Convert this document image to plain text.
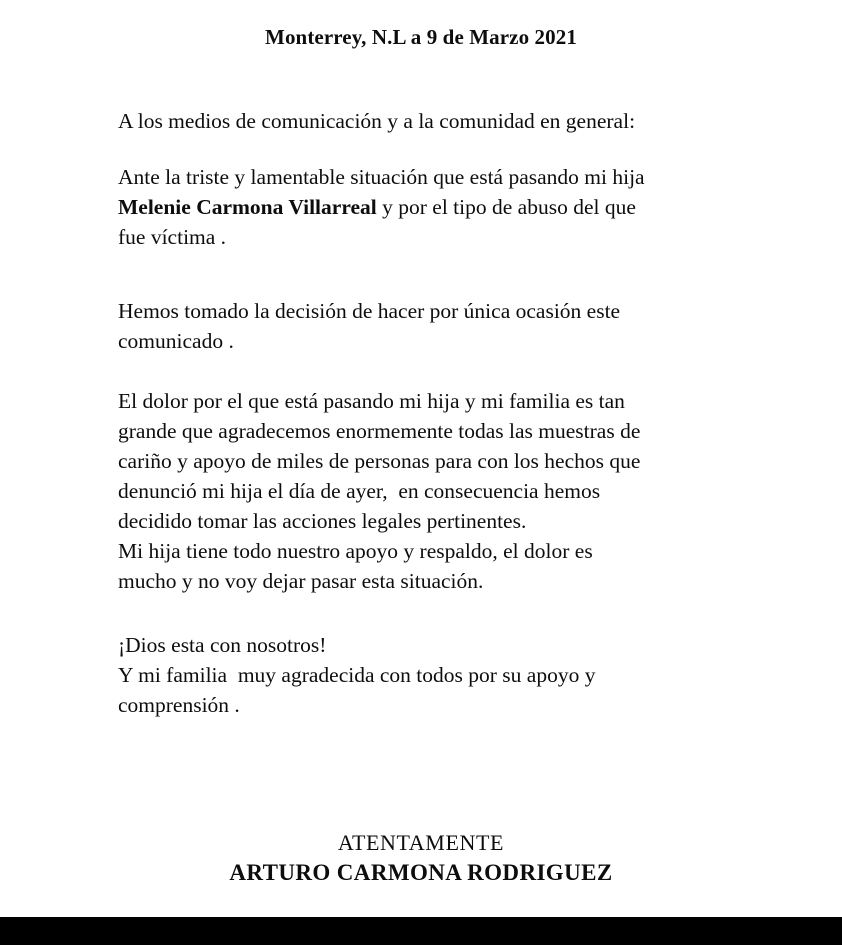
Monterrey, N.L a 9 de Marzo 2021
A los medios de comunicación y a la comunidad en general:
Ante la triste y lamentable situación que está pasando mi hija
Melenie Carmona Villarreal y por el tipo de abuso del que
fue víctima .
Hemos tomado la decisión de hacer por única ocasión este
comunicado .
El dolor por el que está pasando mi hija y mi familia es tan
grande que agradecemos enormemente todas las muestras de
cariño y apoyo de miles de personas para con los hechos que
denunció mi hija el día de ayer,  en consecuencia hemos
decidido tomar las acciones legales pertinentes.
Mi hija tiene todo nuestro apoyo y respaldo, el dolor es
mucho y no voy dejar pasar esta situación.
¡Dios esta con nosotros!
Y mi familia  muy agradecida con todos por su apoyo y
comprensión .
ATENTAMENTE
ARTURO CARMONA RODRIGUEZ
